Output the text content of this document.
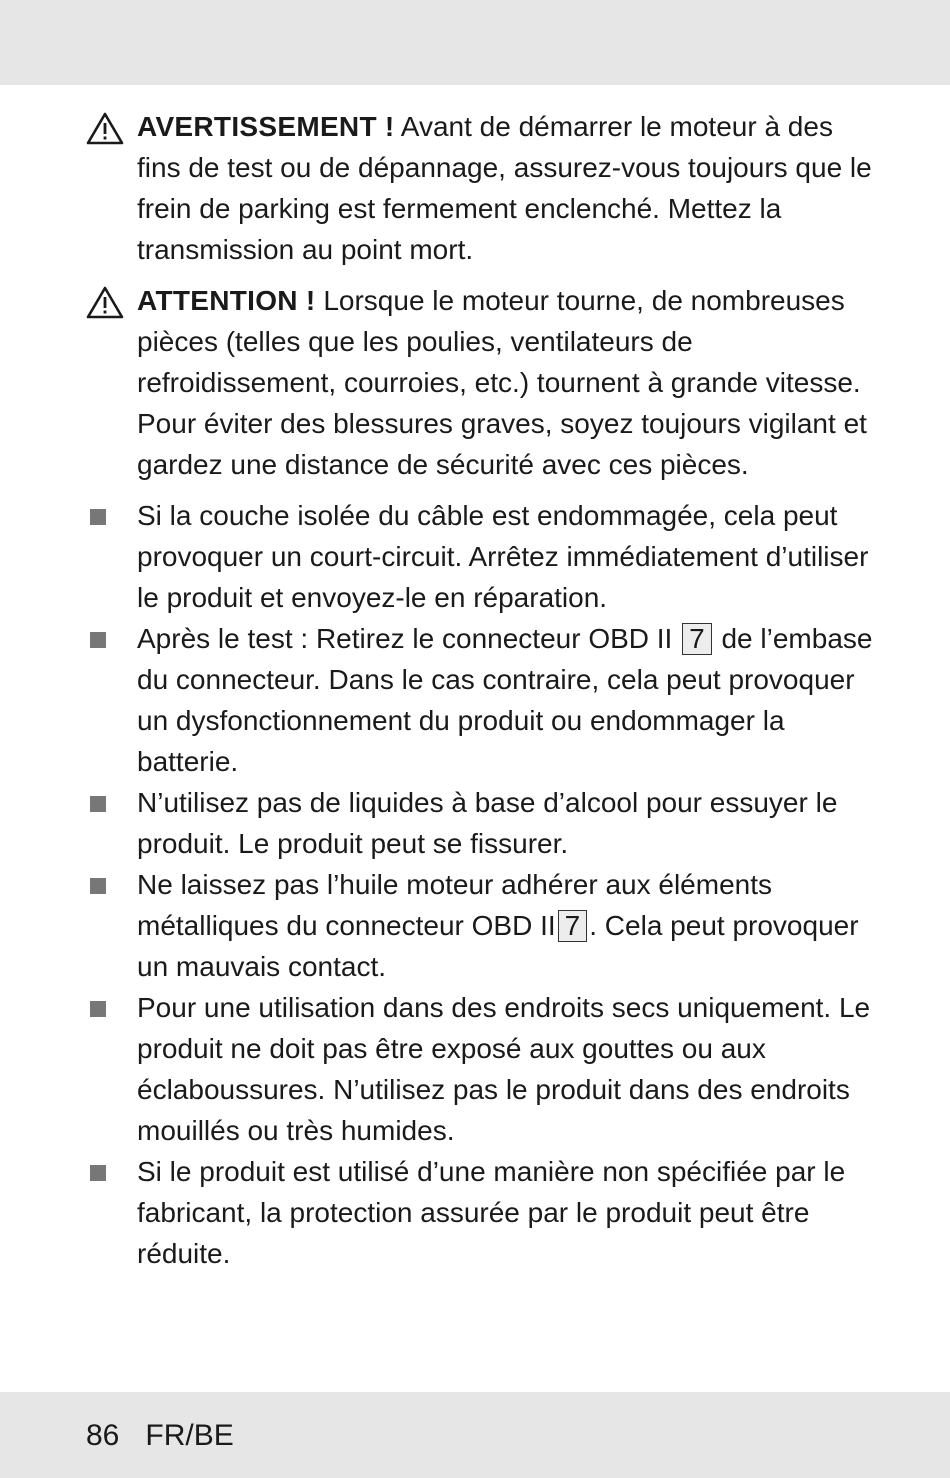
AVERTISSEMENT ! Avant de démarrer le moteur à des fins de test ou de dépannage, assurez-vous toujours que le frein de parking est fermement enclenché. Mettez la transmission au point mort.
ATTENTION ! Lorsque le moteur tourne, de nombreuses pièces (telles que les poulies, ventilateurs de refroidissement, courroies, etc.) tournent à grande vitesse. Pour éviter des blessures graves, soyez toujours vigilant et gardez une distance de sécurité avec ces pièces.
Si la couche isolée du câble est endommagée, cela peut provoquer un court-circuit. Arrêtez immédiatement d’utiliser le produit et envoyez-le en réparation.
Après le test : Retirez le connecteur OBD II 7 de l’embase du connecteur. Dans le cas contraire, cela peut provoquer un dysfonctionnement du produit ou endommager la batterie.
N’utilisez pas de liquides à base d’alcool pour essuyer le produit. Le produit peut se fissurer.
Ne laissez pas l’huile moteur adhérer aux éléments métalliques du connecteur OBD II 7 . Cela peut provoquer un mauvais contact.
Pour une utilisation dans des endroits secs uniquement. Le produit ne doit pas être exposé aux gouttes ou aux éclaboussures. N’utilisez pas le produit dans des endroits mouillés ou très humides.
Si le produit est utilisé d’une manière non spécifiée par le fabricant, la protection assurée par le produit peut être réduite.
86 FR/BE
